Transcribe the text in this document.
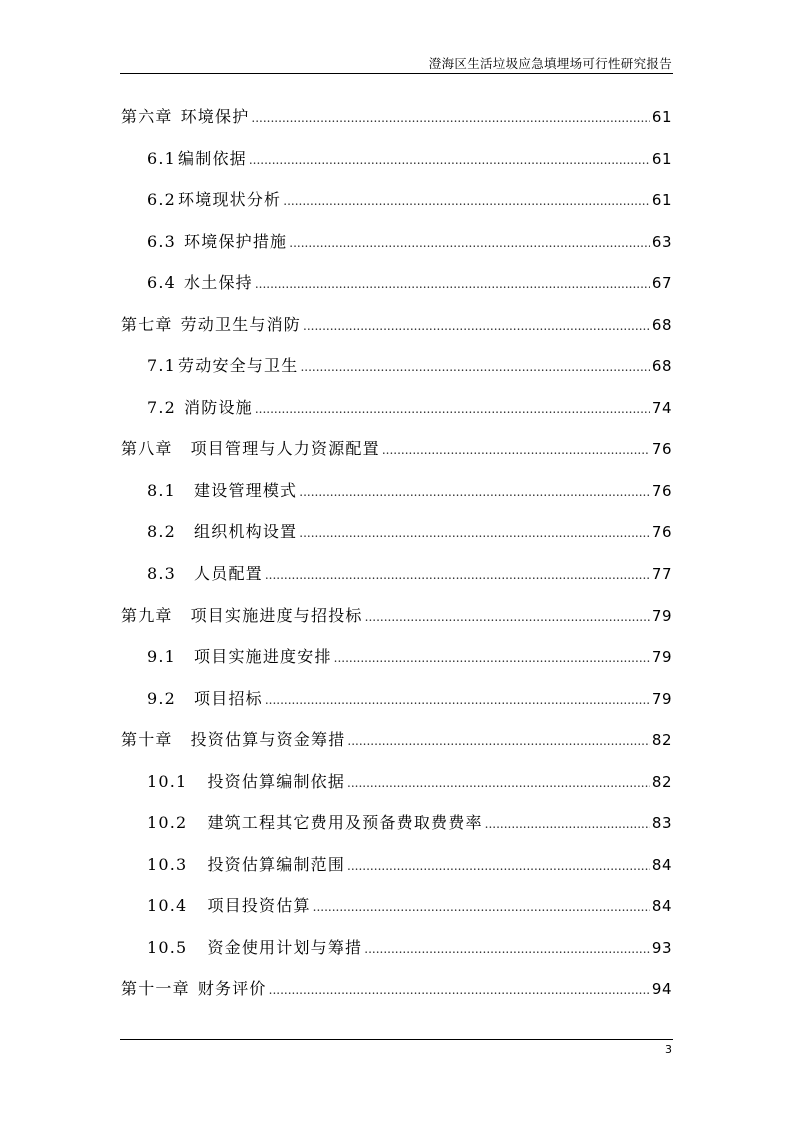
澄海区生活垃圾应急填埋场可行性研究报告
第六章 环境保护 .....	61
6.1 编制依据 .....	61
6.2 环境现状分析 .....	61
6.3 环境保护措施 .....	63
6.4 水土保持 .....	67
第七章 劳动卫生与消防 .....	68
7.1 劳动安全与卫生 .....	68
7.2 消防设施 .....	74
第八章 项目管理与人力资源配置 .....	76
8.1 建设管理模式 .....	76
8.2 组织机构设置 .....	76
8.3 人员配置 .....	77
第九章 项目实施进度与招投标 .....	79
9.1 项目实施进度安排 .....	79
9.2 项目招标 .....	79
第十章 投资估算与资金筹措 .....	82
10.1 投资估算编制依据 .....	82
10.2 建筑工程其它费用及预备费取费费率 .....	83
10.3 投资估算编制范围 .....	84
10.4 项目投资估算 .....	84
10.5 资金使用计划与筹措 .....	93
第十一章 财务评价 .....	94
3
